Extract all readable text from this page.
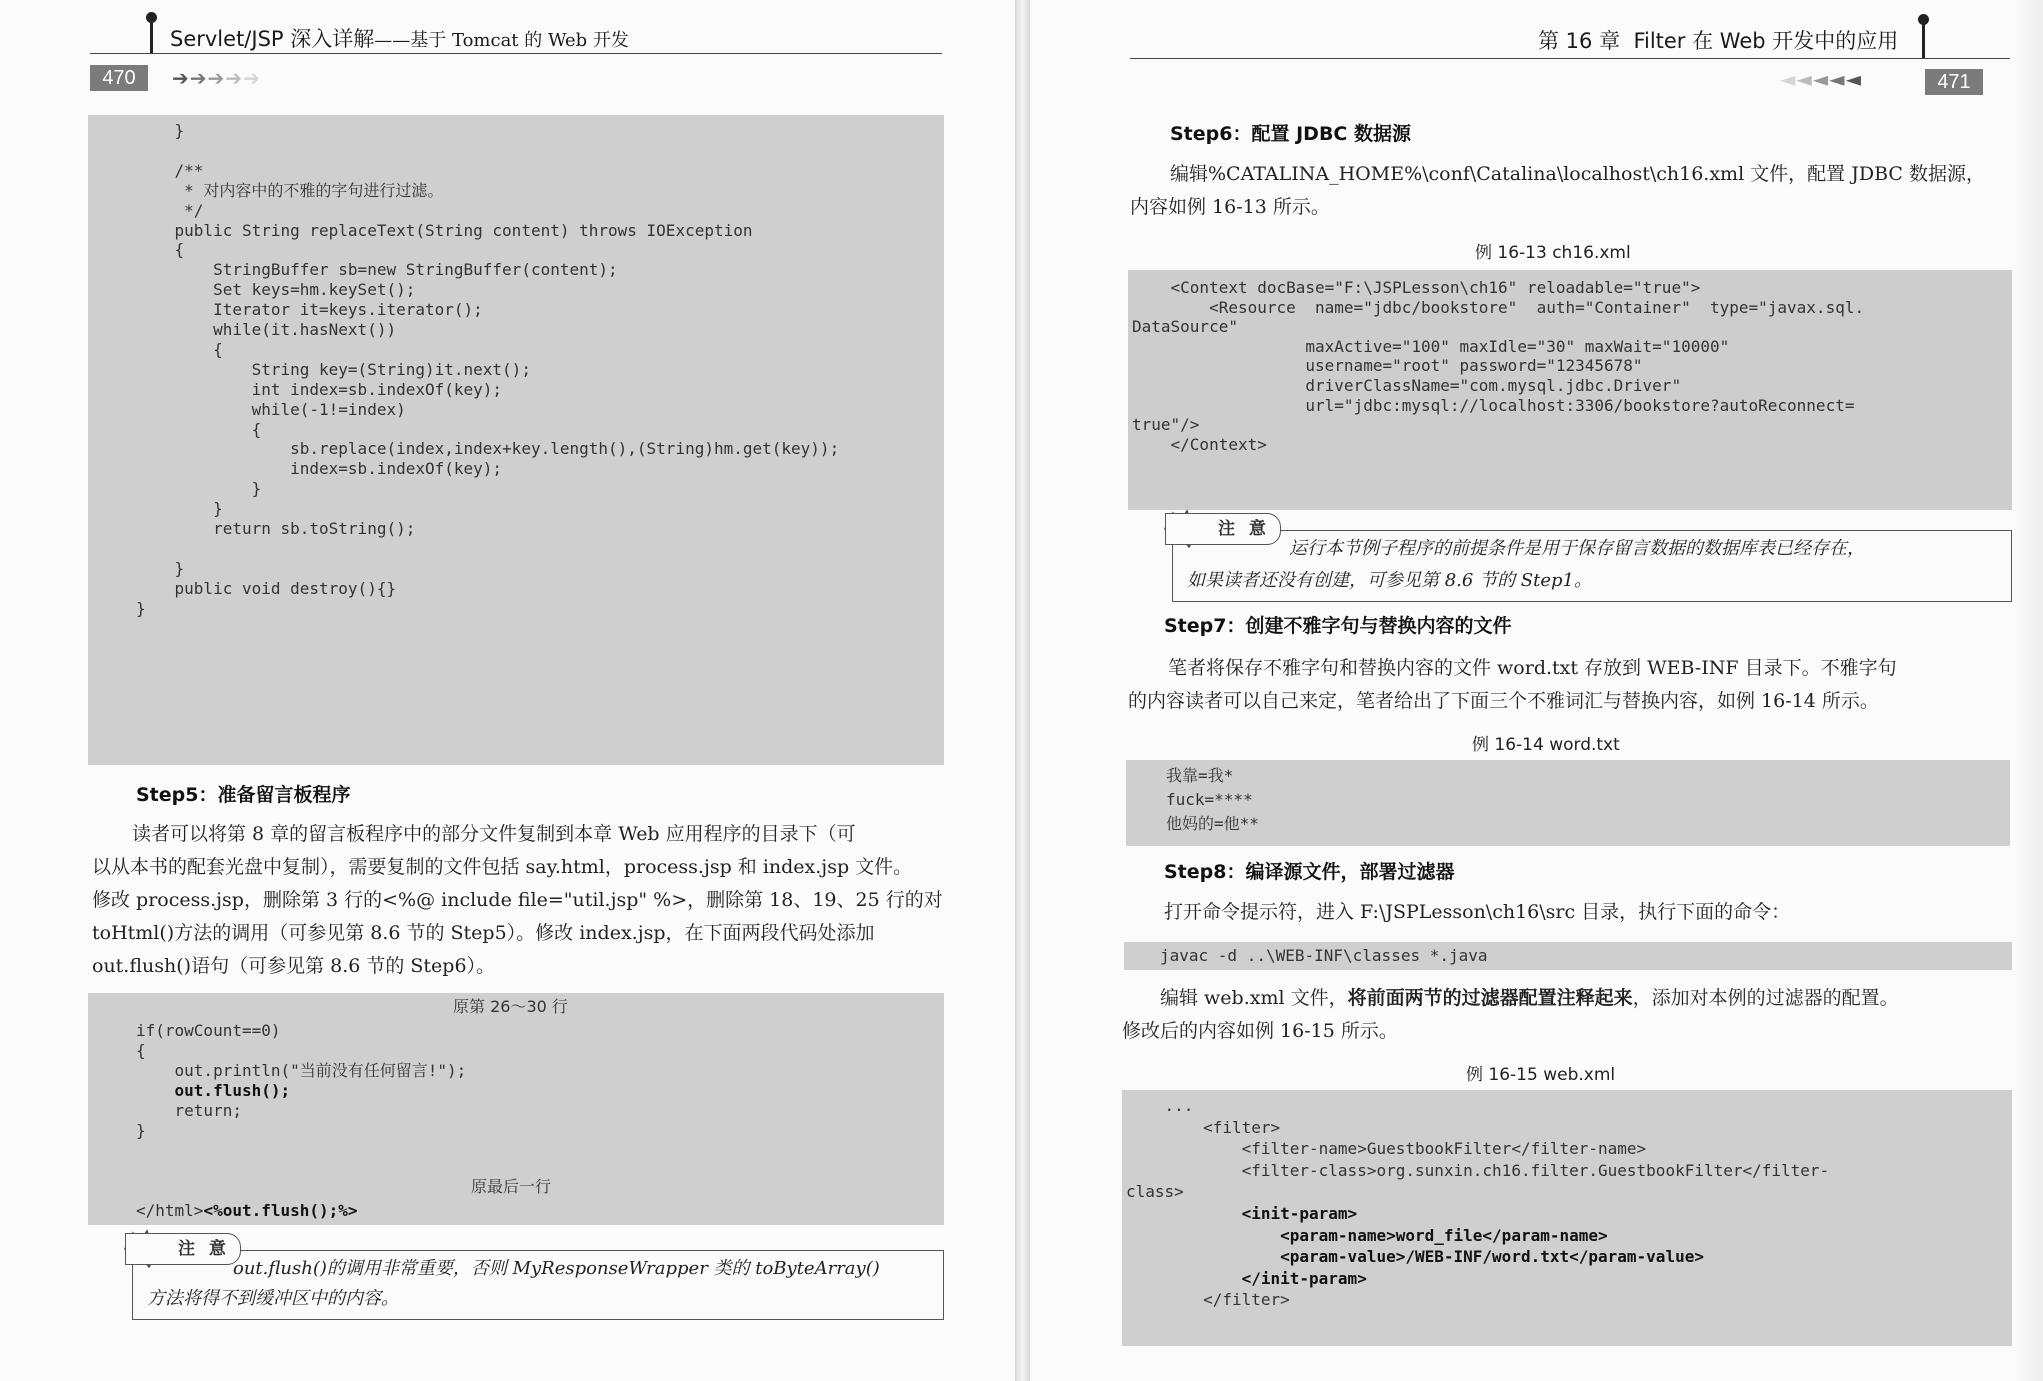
Servlet/JSP 深入详解——基于 Tomcat 的 Web 开发
470	➔➔➔➔➔
}
/**
* 对内容中的不雅的字句进行过滤。
*/
public String replaceText(String content) throws IOException
{
StringBuffer sb=new StringBuffer(content);
Set keys=hm.keySet();
Iterator it=keys.iterator();
while(it.hasNext())
{
String key=(String)it.next();
int index=sb.indexOf(key);
while(-1!=index)
{
sb.replace(index,index+key.length(),(String)hm.get(key));
index=sb.indexOf(key);
}
}
return sb.toString();
}
public void destroy(){}
}
Step5：准备留言板程序
读者可以将第 8 章的留言板程序中的部分文件复制到本章 Web 应用程序的目录下（可
以从本书的配套光盘中复制），需要复制的文件包括 say.html，process.jsp 和 index.jsp 文件。
修改 process.jsp，删除第 3 行的<%@ include file="util.jsp" %>，删除第 18、19、25 行的对
toHtml()方法的调用（可参见第 8.6 节的 Step5）。修改 index.jsp，在下面两段代码处添加
out.flush()语句（可参见第 8.6 节的 Step6）。
原第 26～30 行
if(rowCount==0)
{
out.println("当前没有任何留言!");
out.flush();
return;
}
原最后一行
</html><%out.flush();%>
注 意
out.flush()的调用非常重要，否则 MyResponseWrapper 类的 toByteArray()
方法将得不到缓冲区中的内容。
第 16 章 Filter 在 Web 开发中的应用
◄◄◄◄◄	471
Step6：配置 JDBC 数据源
编辑%CATALINA_HOME%\conf\Catalina\localhost\ch16.xml 文件，配置 JDBC 数据源，
内容如例 16-13 所示。
例 16-13 ch16.xml
<Context docBase="F:\JSPLesson\ch16" reloadable="true">
<Resource  name="jdbc/bookstore"  auth="Container"  type="javax.sql.
DataSource"
maxActive="100" maxIdle="30" maxWait="10000"
username="root" password="12345678"
driverClassName="com.mysql.jdbc.Driver"
url="jdbc:mysql://localhost:3306/bookstore?autoReconnect=
true"/>
</Context>
注 意
运行本节例子程序的前提条件是用于保存留言数据的数据库表已经存在，
如果读者还没有创建，可参见第 8.6 节的 Step1。
Step7：创建不雅字句与替换内容的文件
笔者将保存不雅字句和替换内容的文件 word.txt 存放到 WEB-INF 目录下。不雅字句
的内容读者可以自己来定，笔者给出了下面三个不雅词汇与替换内容，如例 16-14 所示。
例 16-14 word.txt
我靠=我*
fuck=****
他妈的=他**
Step8：编译源文件，部署过滤器
打开命令提示符，进入 F:\JSPLesson\ch16\src 目录，执行下面的命令：
javac -d ..\WEB-INF\classes *.java
编辑 web.xml 文件，将前面两节的过滤器配置注释起来，添加对本例的过滤器的配置。
修改后的内容如例 16-15 所示。
例 16-15 web.xml
...
<filter>
<filter-name>GuestbookFilter</filter-name>
<filter-class>org.sunxin.ch16.filter.GuestbookFilter</filter-
class>
<init-param>
<param-name>word_file</param-name>
<param-value>/WEB-INF/word.txt</param-value>
</init-param>
</filter>
